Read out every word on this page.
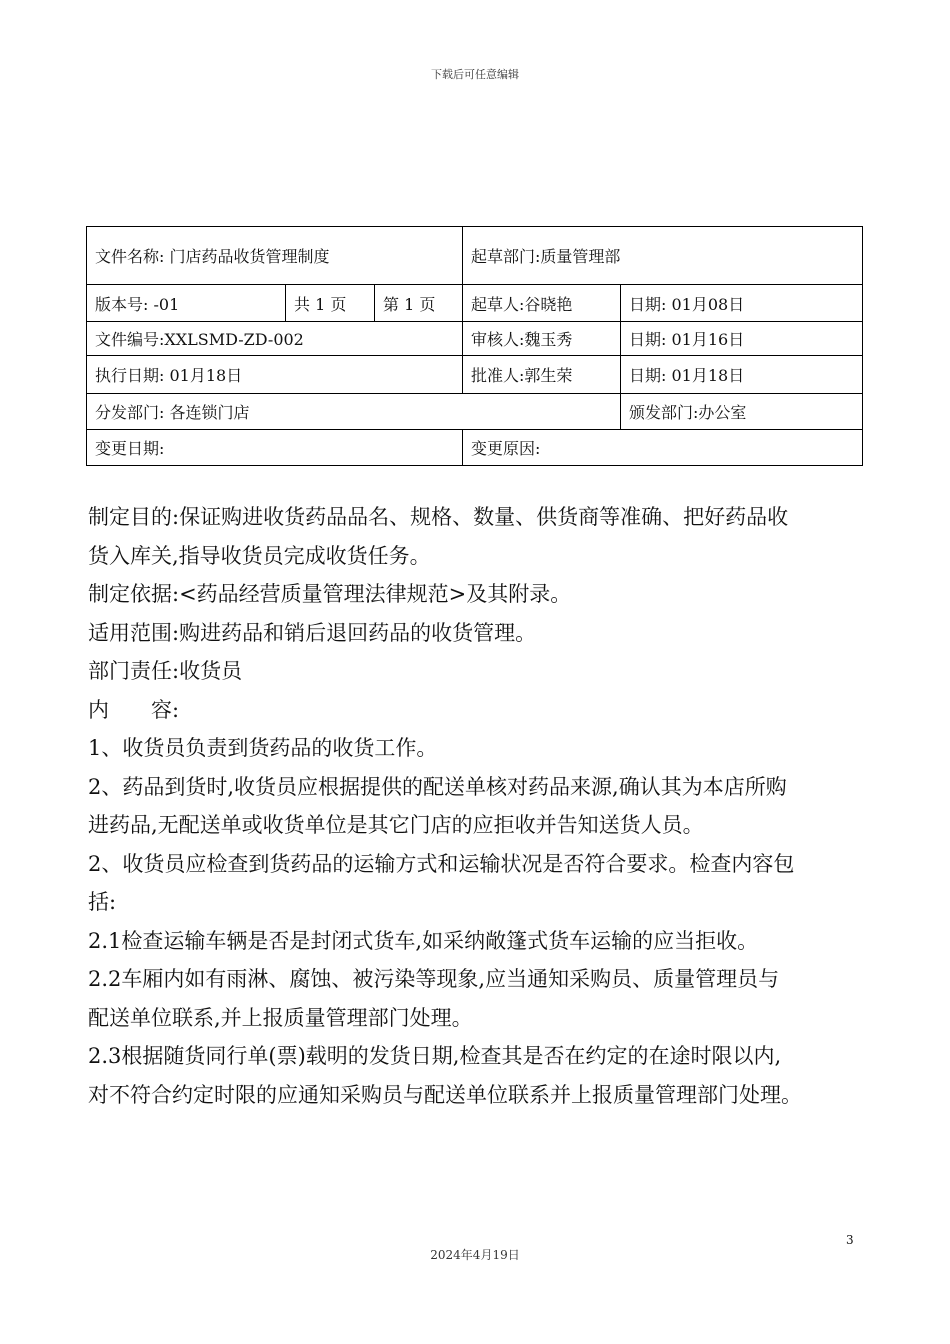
下载后可任意编辑
文件名称: 门店药品收货管理制度			起草部门:质量管理部	
版本号: -01	共 1 页	第 1 页	起草人:谷晓艳	日期: 01月08日
文件编号:XXLSMD-ZD-002			审核人:魏玉秀	日期: 01月16日
执行日期: 01月18日			批准人:郭生荣	日期: 01月18日
分发部门: 各连锁门店				颁发部门:办公室
变更日期:			变更原因:	

制定目的:保证购进收货药品品名、规格、数量、供货商等准确、把好药品收

货入库关,指导收货员完成收货任务。

制定依据:<药品经营质量管理法律规范>及其附录。

适用范围:购进药品和销后退回药品的收货管理。

部门责任:收货员

内　　容:

1、收货员负责到货药品的收货工作。

2、药品到货时,收货员应根据提供的配送单核对药品来源,确认其为本店所购

进药品,无配送单或收货单位是其它门店的应拒收并告知送货人员。

2、收货员应检查到货药品的运输方式和运输状况是否符合要求。检查内容包

括:

2.1检查运输车辆是否是封闭式货车,如采纳敞篷式货车运输的应当拒收。

2.2车厢内如有雨淋、腐蚀、被污染等现象,应当通知采购员、质量管理员与

配送单位联系,并上报质量管理部门处理。

2.3根据随货同行单(票)载明的发货日期,检查其是否在约定的在途时限以内,

对不符合约定时限的应通知采购员与配送单位联系并上报质量管理部门处理。

3
2024年4月19日
